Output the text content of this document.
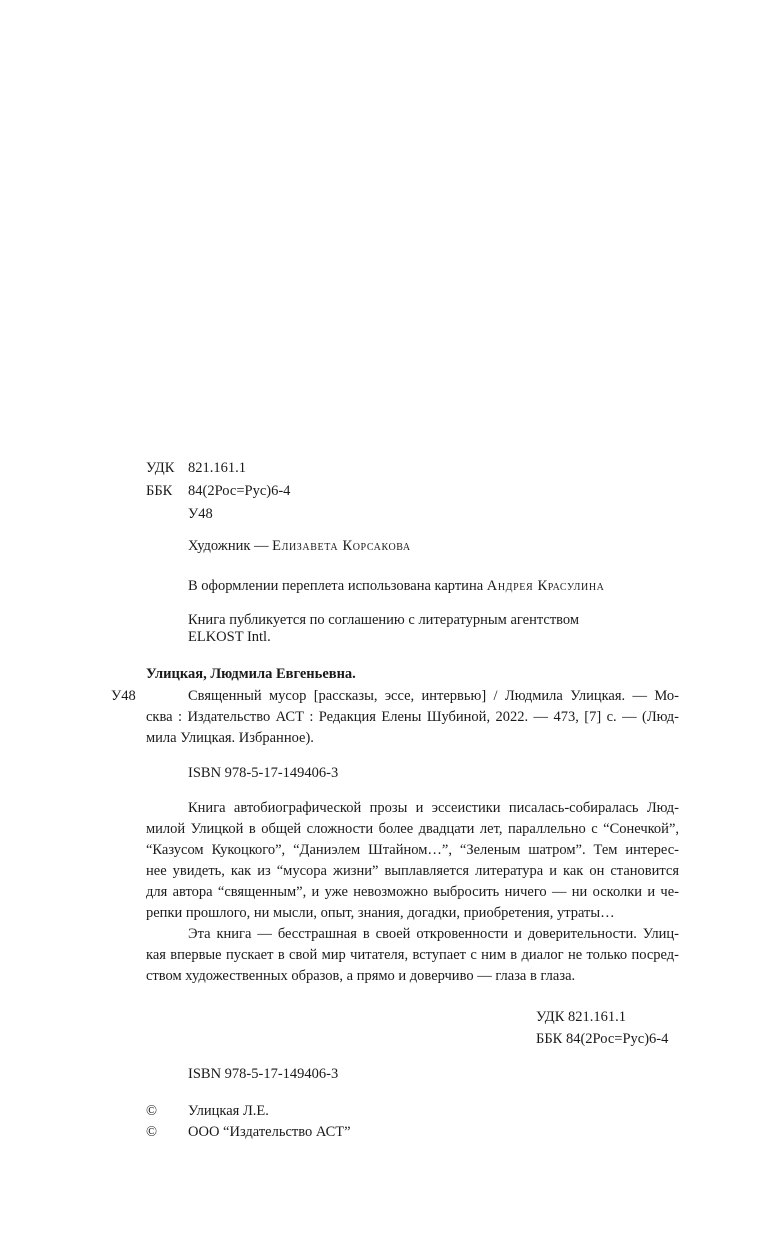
УДК 821.161.1
ББК 84(2Рос=Рус)6-4
У48
Художник — Елизавета Корсакова
В оформлении переплета использована картина Андрея Красулина
Книга публикуется по соглашению с литературным агентством
ELKOST Intl.
Улицкая, Людмила Евгеньевна.
У48	Священный мусор [рассказы, эссе, интервью] / Людмила Улицкая. — Мо-
сква : Издательство АСТ : Редакция Елены Шубиной, 2022. — 473, [7] с. — (Люд-
мила Улицкая. Избранное).
ISBN 978-5-17-149406-3
Книга автобиографической прозы и эссеистики писалась-собиралась Люд-
милой Улицкой в общей сложности более двадцати лет, параллельно с “Сонечкой”,
“Казусом Кукоцкого”, “Даниэлем Штайном…”, “Зеленым шатром”. Тем интерес-
нее увидеть, как из “мусора жизни” выплавляется литература и как он становится
для автора “священным”, и уже невозможно выбросить ничего — ни осколки и че-
репки прошлого, ни мысли, опыт, знания, догадки, приобретения, утраты…
Эта книга — бесстрашная в своей откровенности и доверительности. Улиц-
кая впервые пускает в свой мир читателя, вступает с ним в диалог не только посред-
ством художественных образов, а прямо и доверчиво — глаза в глаза.
УДК 821.161.1
ББК 84(2Рос=Рус)6-4
ISBN 978-5-17-149406-3
© Улицкая Л.Е.
© ООО “Издательство АСТ”
